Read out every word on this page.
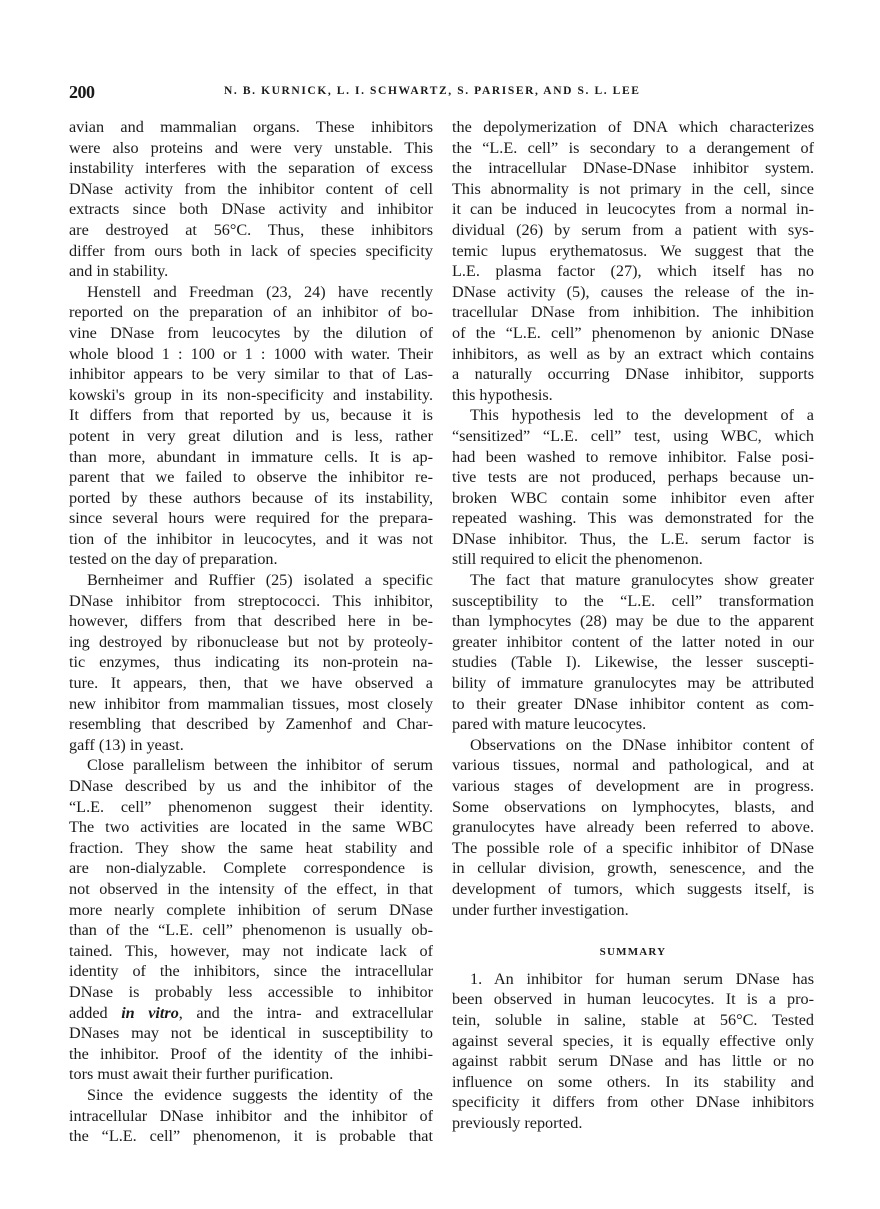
200	N. B. KURNICK, L. I. SCHWARTZ, S. PARISER, AND S. L. LEE
avian and mammalian organs. These inhibitors
were also proteins and were very unstable. This
instability interferes with the separation of excess
DNase activity from the inhibitor content of cell
extracts since both DNase activity and inhibitor
are destroyed at 56°C. Thus, these inhibitors
differ from ours both in lack of species specificity
and in stability.
Henstell and Freedman (23, 24) have recently
reported on the preparation of an inhibitor of bo-
vine DNase from leucocytes by the dilution of
whole blood 1 : 100 or 1 : 1000 with water. Their
inhibitor appears to be very similar to that of Las-
kowski's group in its non-specificity and instability.
It differs from that reported by us, because it is
potent in very great dilution and is less, rather
than more, abundant in immature cells. It is ap-
parent that we failed to observe the inhibitor re-
ported by these authors because of its instability,
since several hours were required for the prepara-
tion of the inhibitor in leucocytes, and it was not
tested on the day of preparation.
Bernheimer and Ruffier (25) isolated a specific
DNase inhibitor from streptococci. This inhibitor,
however, differs from that described here in be-
ing destroyed by ribonuclease but not by proteoly-
tic enzymes, thus indicating its non-protein na-
ture. It appears, then, that we have observed a
new inhibitor from mammalian tissues, most closely
resembling that described by Zamenhof and Char-
gaff (13) in yeast.
Close parallelism between the inhibitor of serum
DNase described by us and the inhibitor of the
“L.E. cell” phenomenon suggest their identity.
The two activities are located in the same WBC
fraction. They show the same heat stability and
are non-dialyzable. Complete correspondence is
not observed in the intensity of the effect, in that
more nearly complete inhibition of serum DNase
than of the “L.E. cell” phenomenon is usually ob-
tained. This, however, may not indicate lack of
identity of the inhibitors, since the intracellular
DNase is probably less accessible to inhibitor
added in vitro, and the intra- and extracellular
DNases may not be identical in susceptibility to
the inhibitor. Proof of the identity of the inhibi-
tors must await their further purification.
Since the evidence suggests the identity of the
intracellular DNase inhibitor and the inhibitor of
the “L.E. cell” phenomenon, it is probable that
the depolymerization of DNA which characterizes
the “L.E. cell” is secondary to a derangement of
the intracellular DNase-DNase inhibitor system.
This abnormality is not primary in the cell, since
it can be induced in leucocytes from a normal in-
dividual (26) by serum from a patient with sys-
temic lupus erythematosus. We suggest that the
L.E. plasma factor (27), which itself has no
DNase activity (5), causes the release of the in-
tracellular DNase from inhibition. The inhibition
of the “L.E. cell” phenomenon by anionic DNase
inhibitors, as well as by an extract which contains
a naturally occurring DNase inhibitor, supports
this hypothesis.
This hypothesis led to the development of a
“sensitized” “L.E. cell” test, using WBC, which
had been washed to remove inhibitor. False posi-
tive tests are not produced, perhaps because un-
broken WBC contain some inhibitor even after
repeated washing. This was demonstrated for the
DNase inhibitor. Thus, the L.E. serum factor is
still required to elicit the phenomenon.
The fact that mature granulocytes show greater
susceptibility to the “L.E. cell” transformation
than lymphocytes (28) may be due to the apparent
greater inhibitor content of the latter noted in our
studies (Table I). Likewise, the lesser suscepti-
bility of immature granulocytes may be attributed
to their greater DNase inhibitor content as com-
pared with mature leucocytes.
Observations on the DNase inhibitor content of
various tissues, normal and pathological, and at
various stages of development are in progress.
Some observations on lymphocytes, blasts, and
granulocytes have already been referred to above.
The possible role of a specific inhibitor of DNase
in cellular division, growth, senescence, and the
development of tumors, which suggests itself, is
under further investigation.
SUMMARY
1. An inhibitor for human serum DNase has
been observed in human leucocytes. It is a pro-
tein, soluble in saline, stable at 56°C. Tested
against several species, it is equally effective only
against rabbit serum DNase and has little or no
influence on some others. In its stability and
specificity it differs from other DNase inhibitors
previously reported.
